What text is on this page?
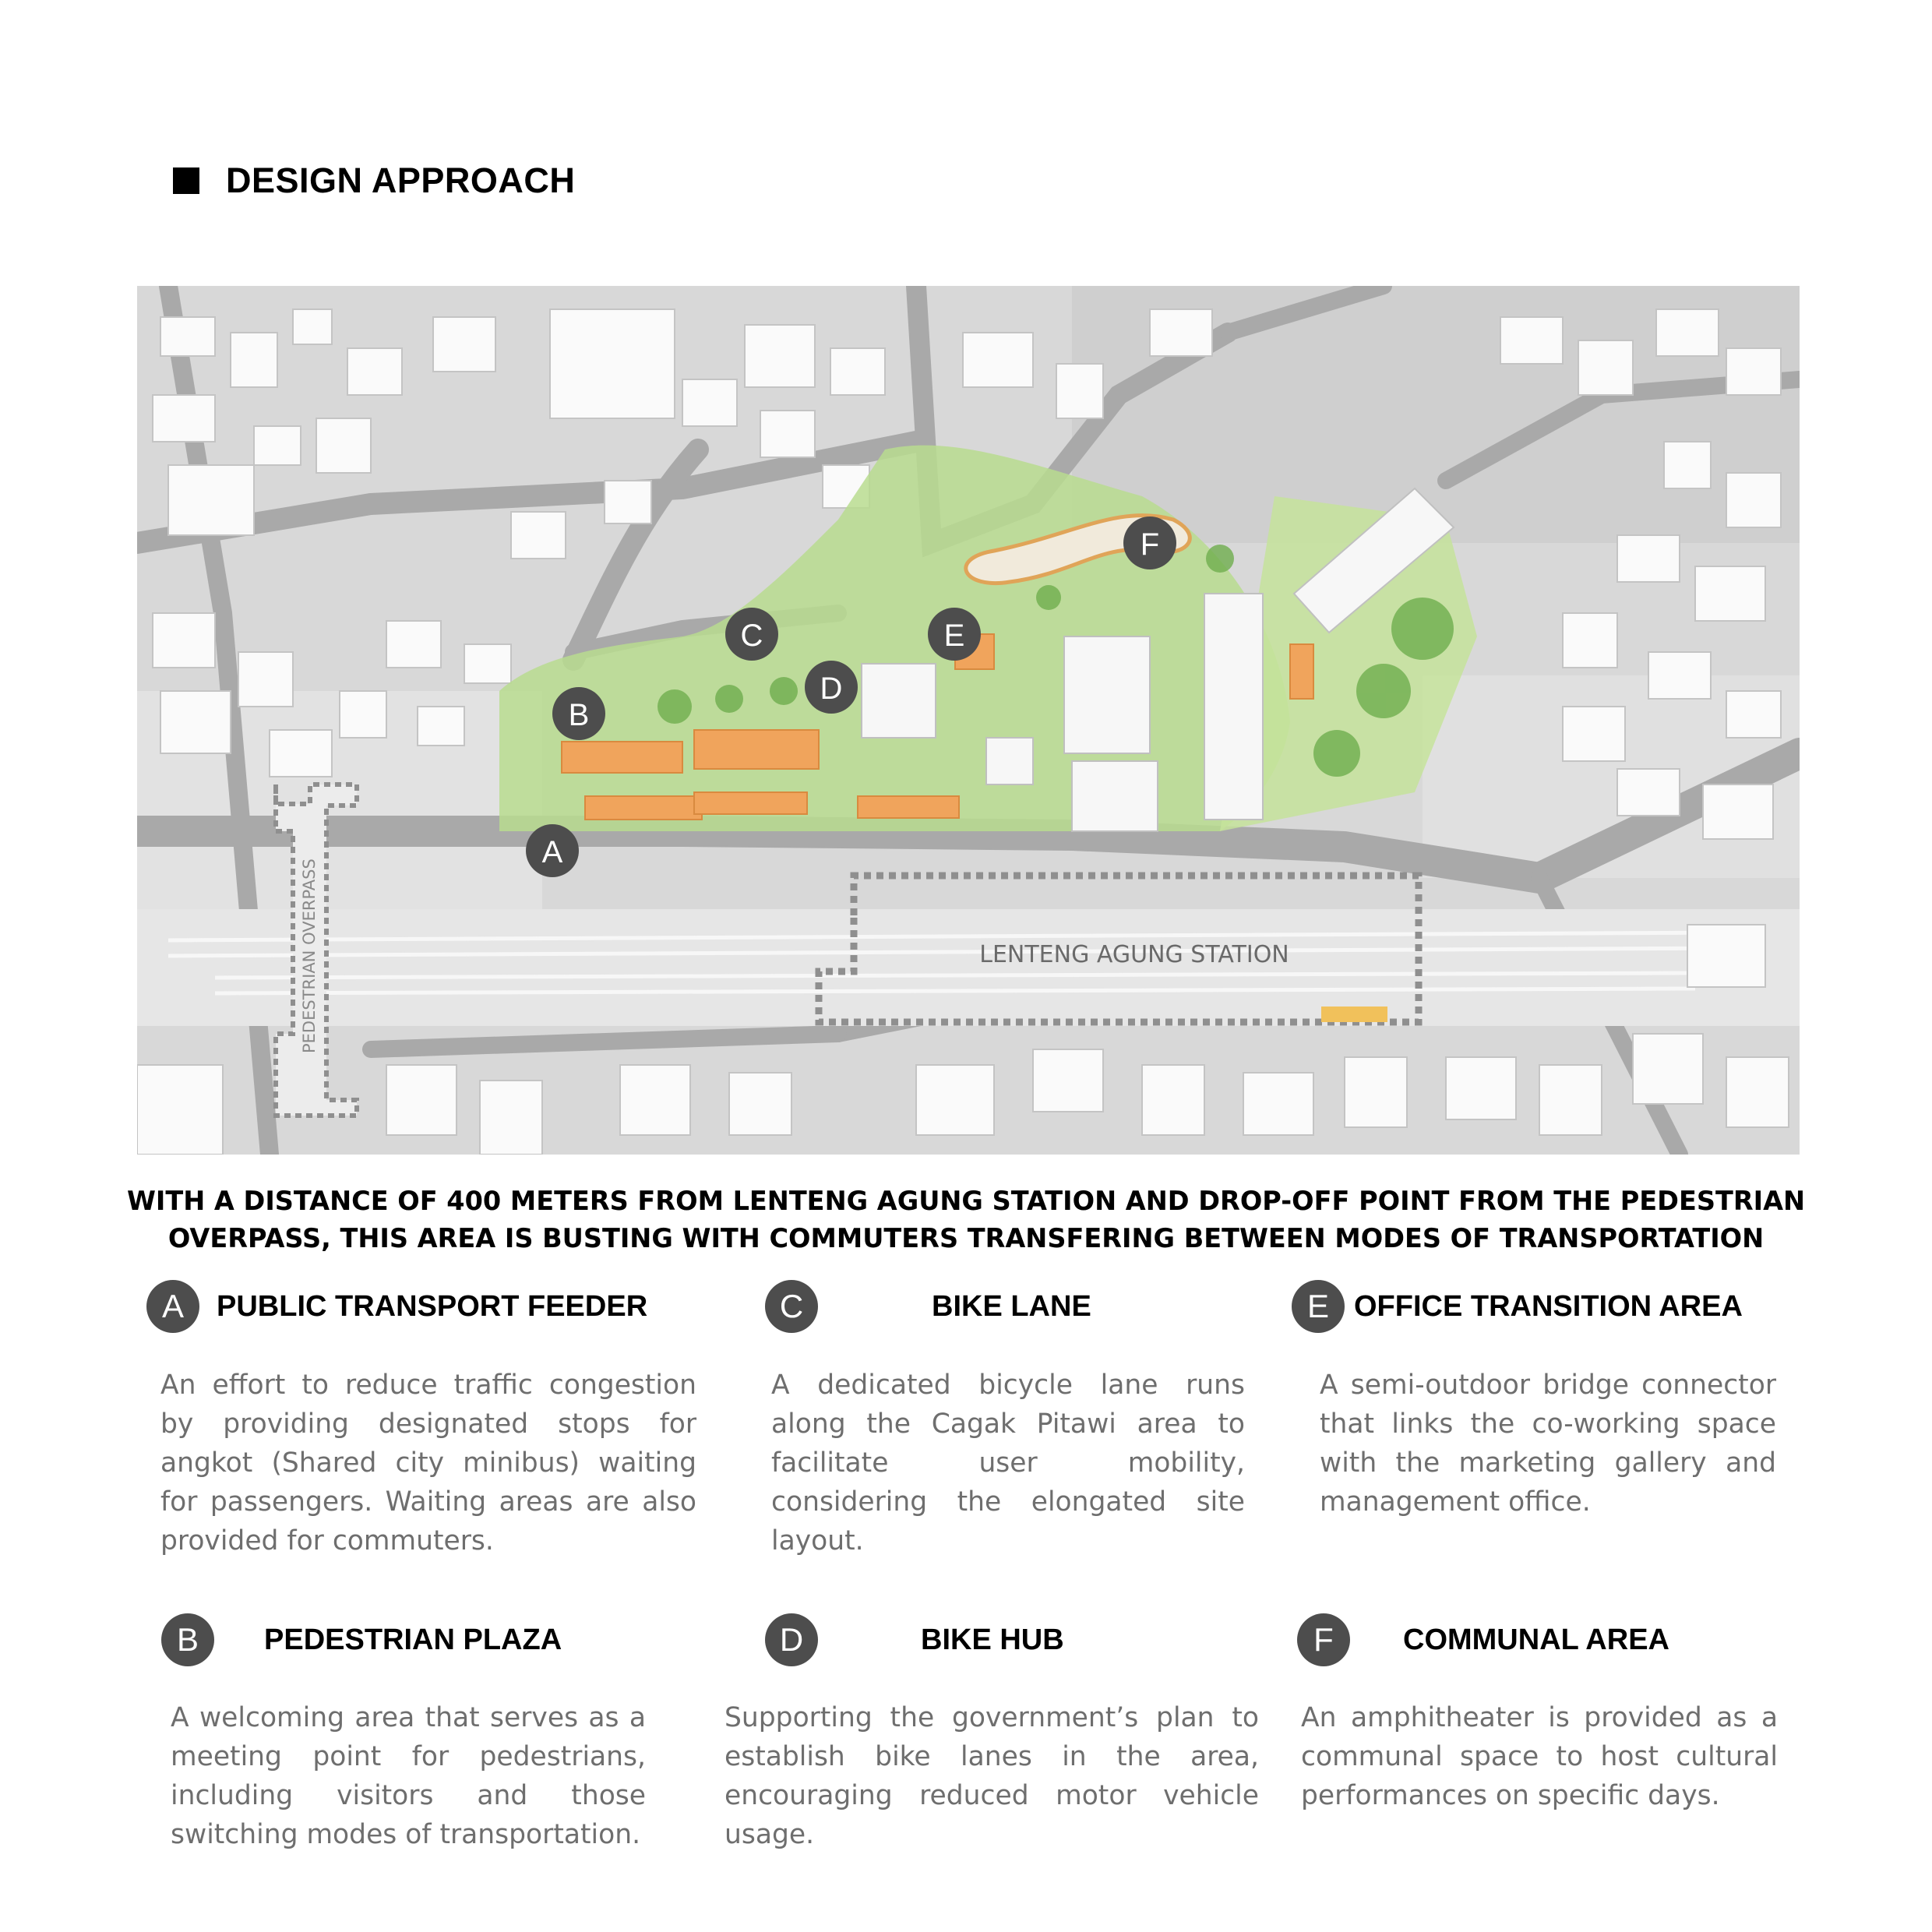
DESIGN APPROACH
LENTENG AGUNG STATION
PEDESTRIAN OVERPASS
A
B
C
D
E
F
WITH A DISTANCE OF 400 METERS FROM LENTENG AGUNG STATION AND DROP-OFF POINT FROM THE PEDESTRIAN OVERPASS, THIS AREA IS BUSTING WITH COMMUTERS TRANSFERING BETWEEN MODES OF TRANSPORTATION
A	PUBLIC TRANSPORT FEEDER
An effort to reduce traffic congestion by providing designated stops for angkot (Shared city minibus) waiting for passengers. Waiting areas are also provided for commuters.
C	BIKE LANE
A dedicated bicycle lane runs along the Cagak Pitawi area to facilitate user mobility, considering the elongated site layout.
E OFFICE TRANSITION AREA
A semi-outdoor bridge connector that links the co-working space with the marketing gallery and management office.
B	PEDESTRIAN PLAZA
A welcoming area that serves as a meeting point for pedestrians, including visitors and those switching modes of transportation.
D	BIKE HUB
Supporting the government’s plan to establish bike lanes in the area, encouraging reduced motor vehicle usage.
F	COMMUNAL AREA
An amphitheater is provided as a communal space to host cultural performances on specific days.
